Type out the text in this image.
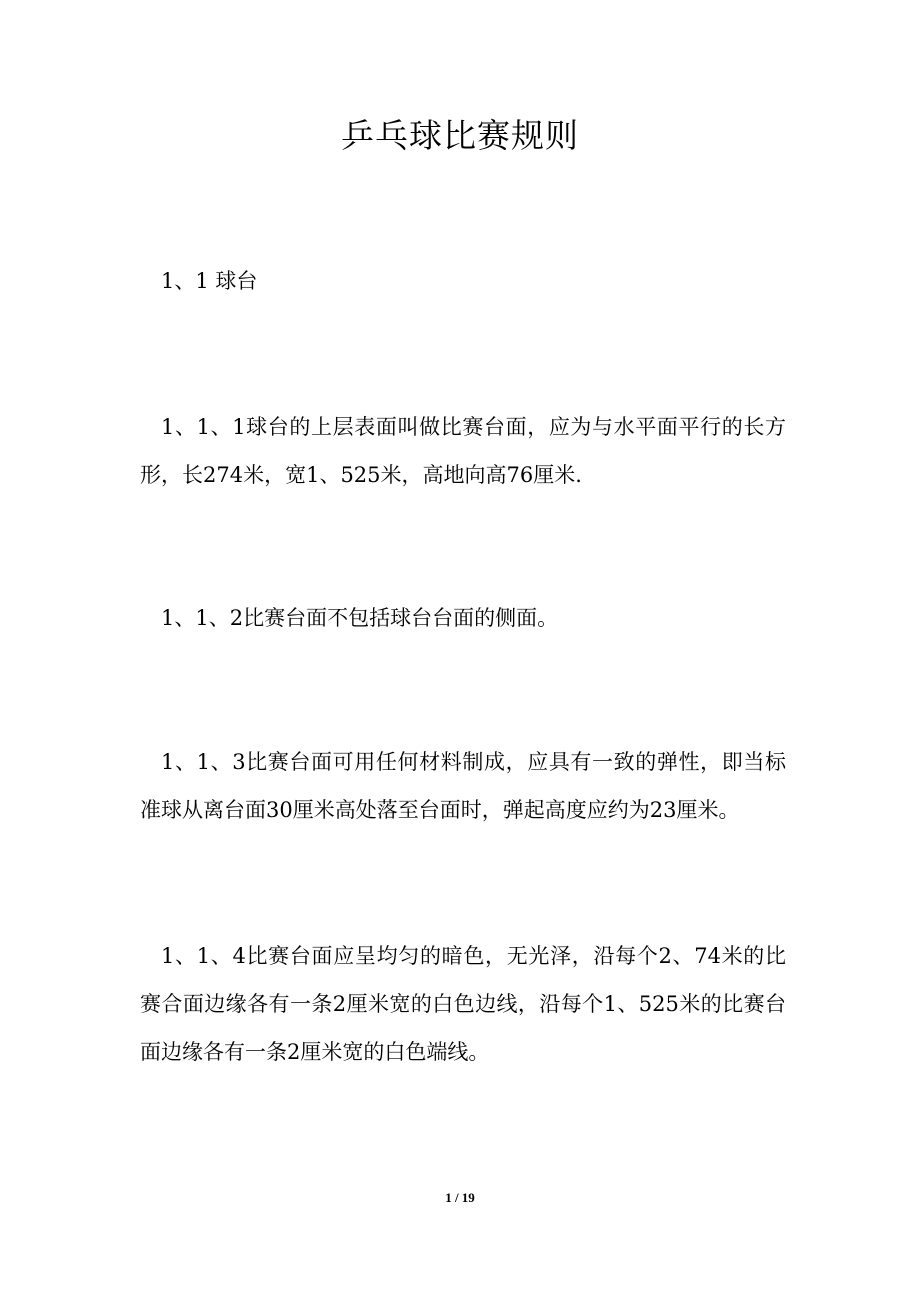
乒乓球比赛规则

1、1 球台

1、1、1球台的上层表面叫做比赛台面，应为与水平面平行的长方形，长274米，宽1、525米，高地向高76厘米.

1、1、2比赛台面不包括球台台面的侧面。

1、1、3比赛台面可用任何材料制成，应具有一致的弹性，即当标准球从离台面30厘米高处落至台面时，弹起高度应约为23厘米。

1、1、4比赛台面应呈均匀的暗色，无光泽，沿每个2、74米的比赛合面边缘各有一条2厘米宽的白色边线，沿每个1、525米的比赛台面边缘各有一条2厘米宽的白色端线。

1 / 19
